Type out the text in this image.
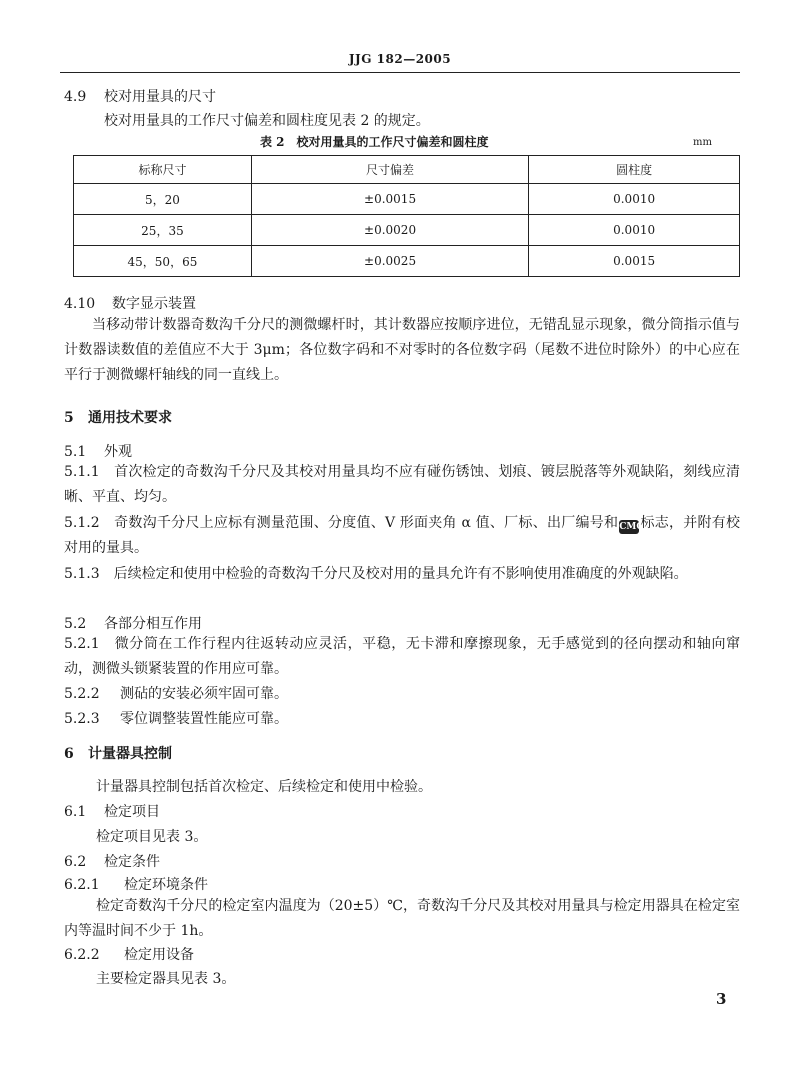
JJG 182—2005
4.9 校对用量具的尺寸
校对用量具的工作尺寸偏差和圆柱度见表 2 的规定。
表 2　校对用量具的工作尺寸偏差和圆柱度	mm
标称尺寸	尺寸偏差	圆柱度
5，20	±0.0015	0.0010
25，35	±0.0020	0.0010
45，50，65	±0.0025	0.0015
4.10 数字显示装置
当移动带计数器奇数沟千分尺的测微螺杆时，其计数器应按顺序进位，无错乱显示现象，微分筒指示值与计数器读数值的差值应不大于 3μm；各位数字码和不对零时的各位数字码（尾数不进位时除外）的中心应在平行于测微螺杆轴线的同一直线上。
5 通用技术要求
5.1 外观
5.1.1　 首次检定的奇数沟千分尺及其校对用量具均不应有碰伤锈蚀、划痕、镀层脱落等外观缺陷，刻线应清晰、平直、均匀。
5.1.2　 奇数沟千分尺上应标有测量范围、分度值、V 形面夹角 α 值、厂标、出厂编号和CMC标志，并附有校对用的量具。
5.1.3　 后续检定和使用中检验的奇数沟千分尺及校对用的量具允许有不影响使用准确度的外观缺陷。
5.2 各部分相互作用
5.2.1　 微分筒在工作行程内往返转动应灵活，平稳，无卡滞和摩擦现象，无手感觉到的径向摆动和轴向窜动，测微头锁紧装置的作用应可靠。
5.2.2 测砧的安装必须牢固可靠。
5.2.3 零位调整装置性能应可靠。
6 计量器具控制
计量器具控制包括首次检定、后续检定和使用中检验。
6.1 检定项目
检定项目见表 3。
6.2 检定条件
6.2.1 检定环境条件
检定奇数沟千分尺的检定室内温度为（20±5）℃，奇数沟千分尺及其校对用量具与检定用器具在检定室内等温时间不少于 1h。
6.2.2 检定用设备
主要检定器具见表 3。
3
